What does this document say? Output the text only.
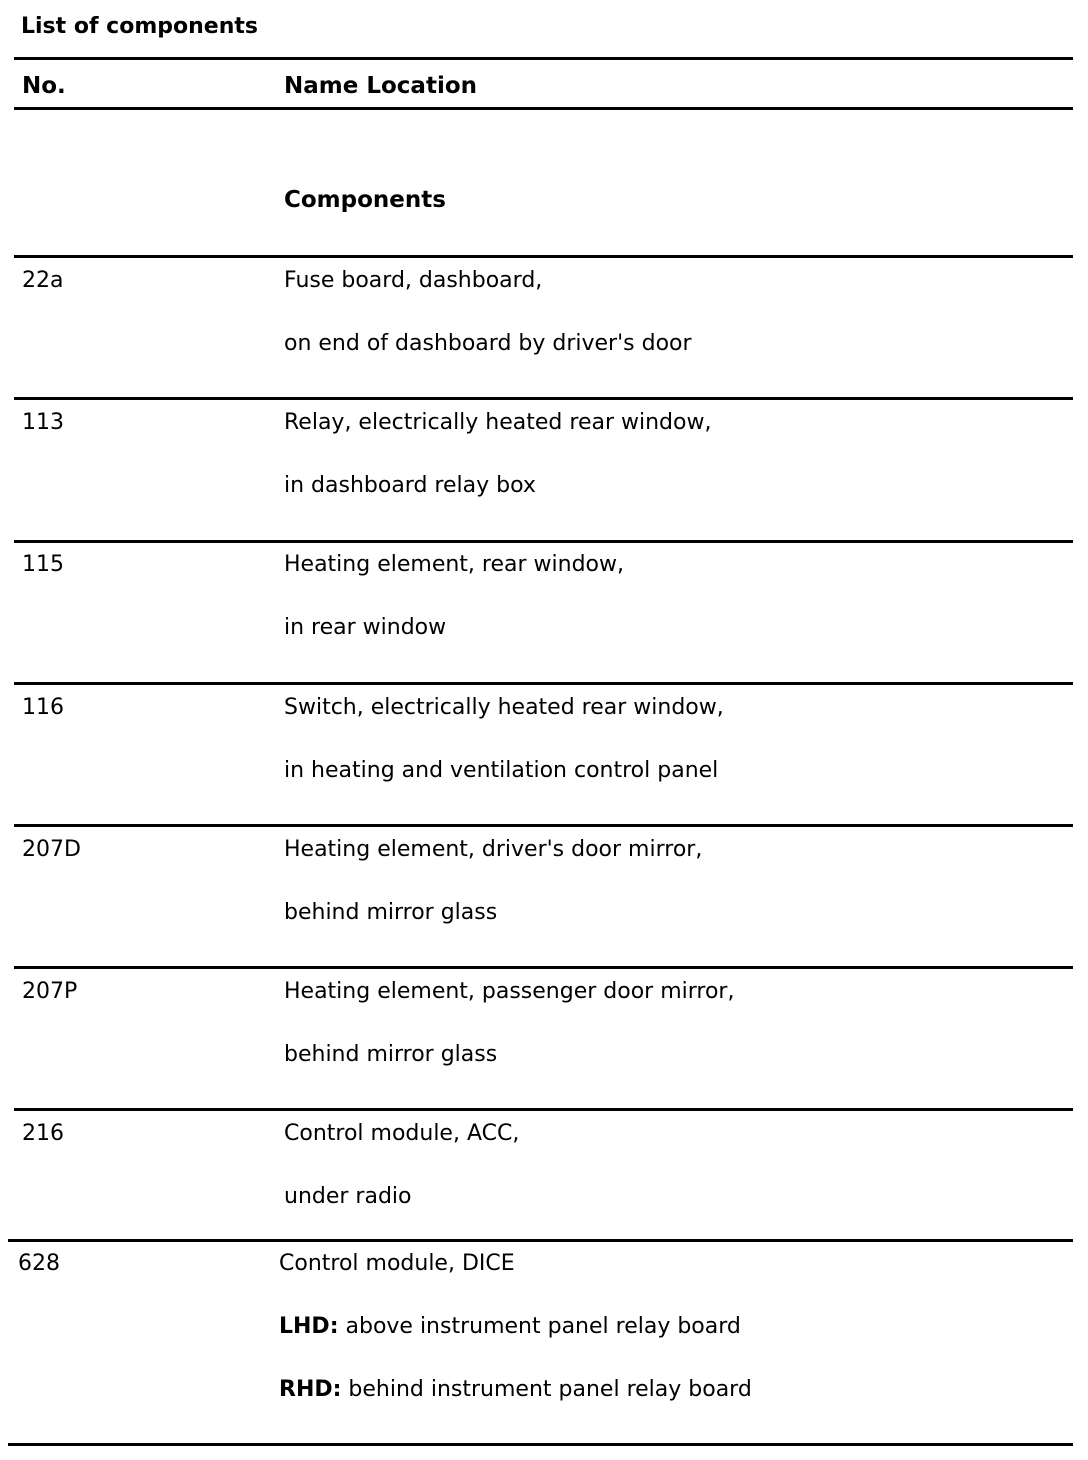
List of components
No.	Name Location
Components
22a	Fuse board, dashboard,
on end of dashboard by driver's door
113	Relay, electrically heated rear window,
in dashboard relay box
115	Heating element, rear window,
in rear window
116	Switch, electrically heated rear window,
in heating and ventilation control panel
207D	Heating element, driver's door mirror,
behind mirror glass
207P	Heating element, passenger door mirror,
behind mirror glass
216	Control module, ACC,
under radio
628	Control module, DICE
LHD: above instrument panel relay board
RHD: behind instrument panel relay board
